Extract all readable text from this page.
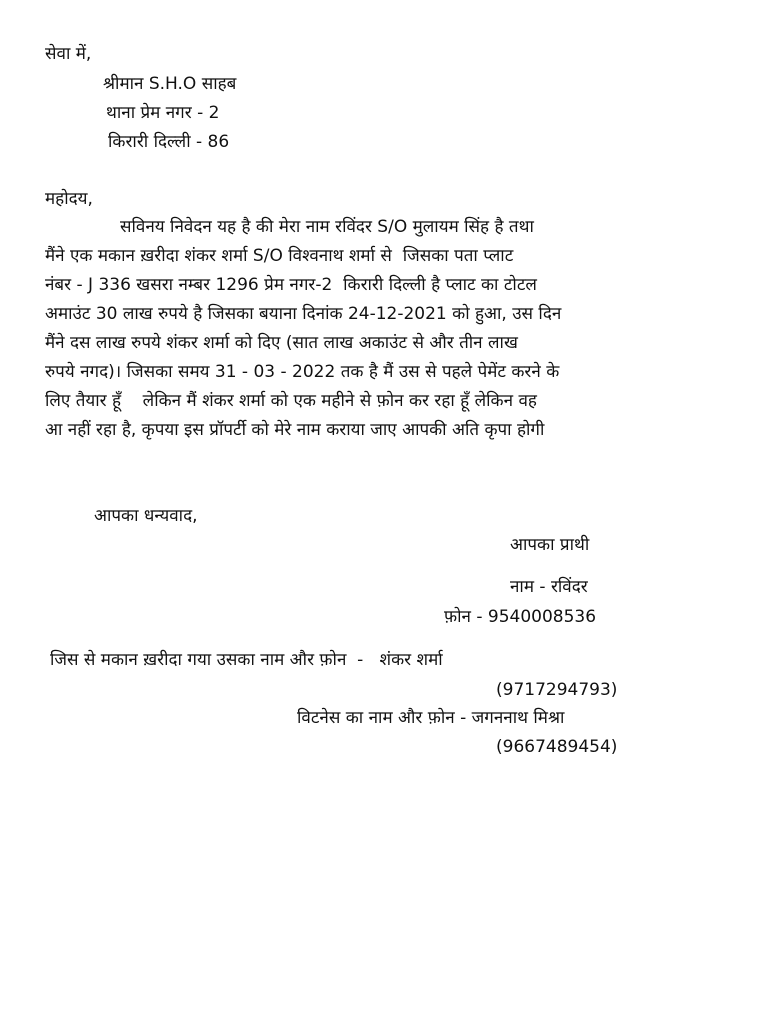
सेवा में,

श्रीमान S.H.O साहब

थाना प्रेम नगर - 2

किरारी दिल्ली - 86

महोदय,

सविनय निवेदन यह है की मेरा नाम रविंदर S/O मुलायम सिंह है तथा

मैंने एक मकान ख़रीदा शंकर शर्मा S/O विश्वनाथ शर्मा से  जिसका पता प्लाट

नंबर - J 336 खसरा नम्बर 1296 प्रेम नगर-2  किरारी दिल्ली है प्लाट का टोटल

अमाउंट 30 लाख रुपये है जिसका बयाना दिनांक 24-12-2021 को हुआ, उस दिन

मैंने दस लाख रुपये शंकर शर्मा को दिए (सात लाख अकाउंट से और तीन लाख

रुपये नगद)। जिसका समय 31 - 03 - 2022 तक है मैं उस से पहले पेमेंट करने के

लिए तैयार हूँ    लेकिन मैं शंकर शर्मा को एक महीने से फ़ोन कर रहा हूँ लेकिन वह

आ नहीं रहा है, कृपया इस प्रॉपर्टी को मेरे नाम कराया जाए आपकी अति कृपा होगी

आपका धन्यवाद,

आपका प्राथी

नाम - रविंदर

फ़ोन - 9540008536

जिस से मकान ख़रीदा गया उसका नाम और फ़ोन  -   शंकर शर्मा

(9717294793)

विटनेस का नाम और फ़ोन - जगननाथ मिश्रा

(9667489454)
